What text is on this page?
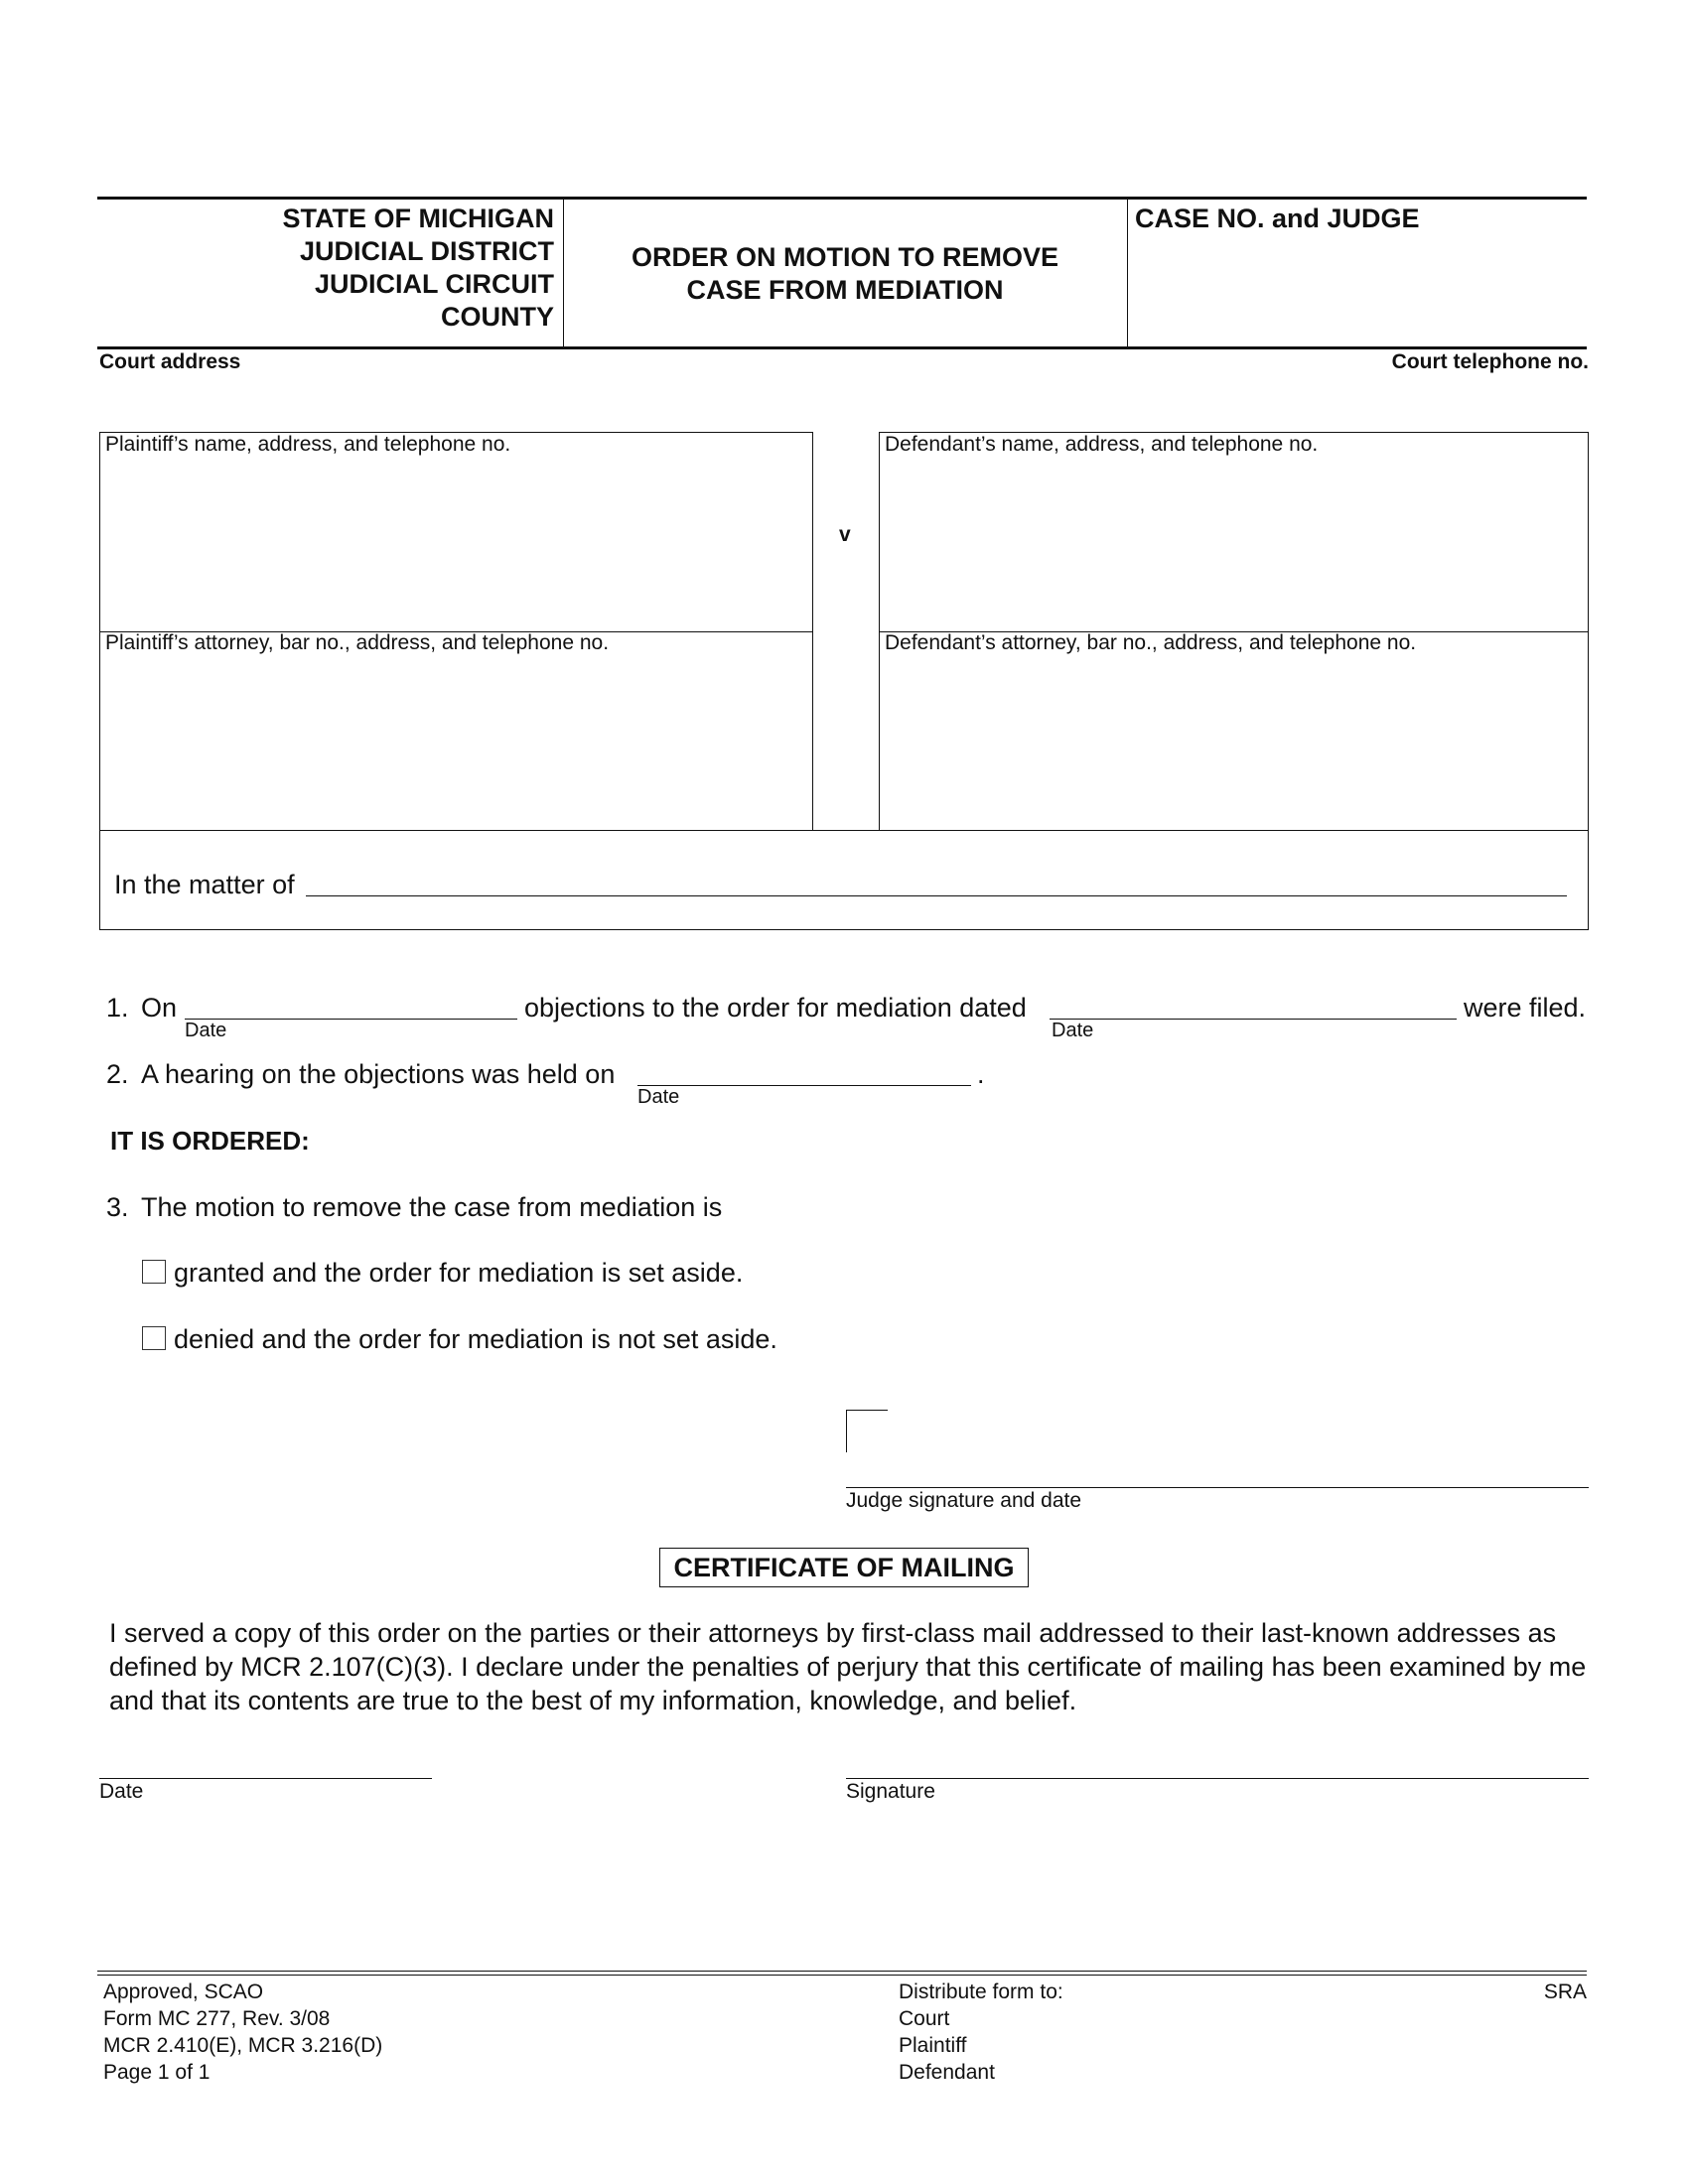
STATE OF MICHIGAN
JUDICIAL DISTRICT
JUDICIAL CIRCUIT
COUNTY
ORDER ON MOTION TO REMOVE
CASE FROM MEDIATION
CASE NO. and JUDGE
Court address	Court telephone no.
Plaintiff’s name, address, and telephone no.
Plaintiff’s attorney, bar no., address, and telephone no.
Defendant’s name, address, and telephone no.
Defendant’s attorney, bar no., address, and telephone no.
v
In the matter of
1. On
Date
objections to the order for mediation dated
Date
were filed.
2. A hearing on the objections was held on
Date
.
IT IS ORDERED:
3. The motion to remove the case from mediation is
granted and the order for mediation is set aside.
denied and the order for mediation is not set aside.
Judge signature and date
CERTIFICATE OF MAILING
I served a copy of this order on the parties or their attorneys by first-class mail addressed to their last-known addresses as defined by MCR 2.107(C)(3). I declare under the penalties of perjury that this certificate of mailing has been examined by me and that its contents are true to the best of my information, knowledge, and belief.
Date	Signature
Approved, SCAO
Form MC 277, Rev. 3/08
MCR 2.410(E), MCR 3.216(D)
Page 1 of 1
Distribute form to:
Court
Plaintiff
Defendant
SRA
